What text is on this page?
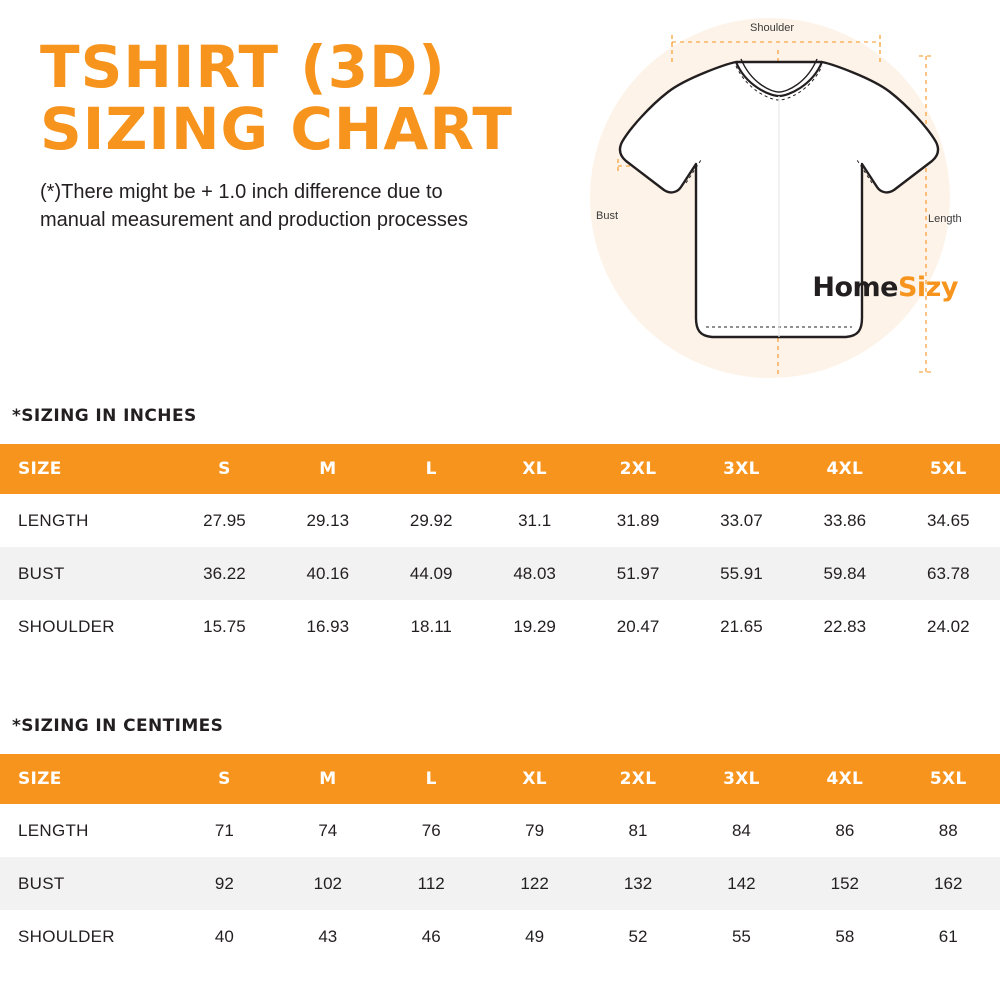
TSHIRT (3D)
SIZING CHART
(*)There might be + 1.0 inch difference due to
manual measurement and production processes
Shoulder
Bust	Length
HomeSizy
*SIZING IN INCHES
SIZE	S	M	L	XL	2XL	3XL	4XL	5XL
LENGTH	27.95	29.13	29.92	31.1	31.89	33.07	33.86	34.65
BUST	36.22	40.16	44.09	48.03	51.97	55.91	59.84	63.78
SHOULDER	15.75	16.93	18.11	19.29	20.47	21.65	22.83	24.02
*SIZING IN CENTIMES
SIZE	S	M	L	XL	2XL	3XL	4XL	5XL
LENGTH	71	74	76	79	81	84	86	88
BUST	92	102	112	122	132	142	152	162
SHOULDER	40	43	46	49	52	55	58	61
